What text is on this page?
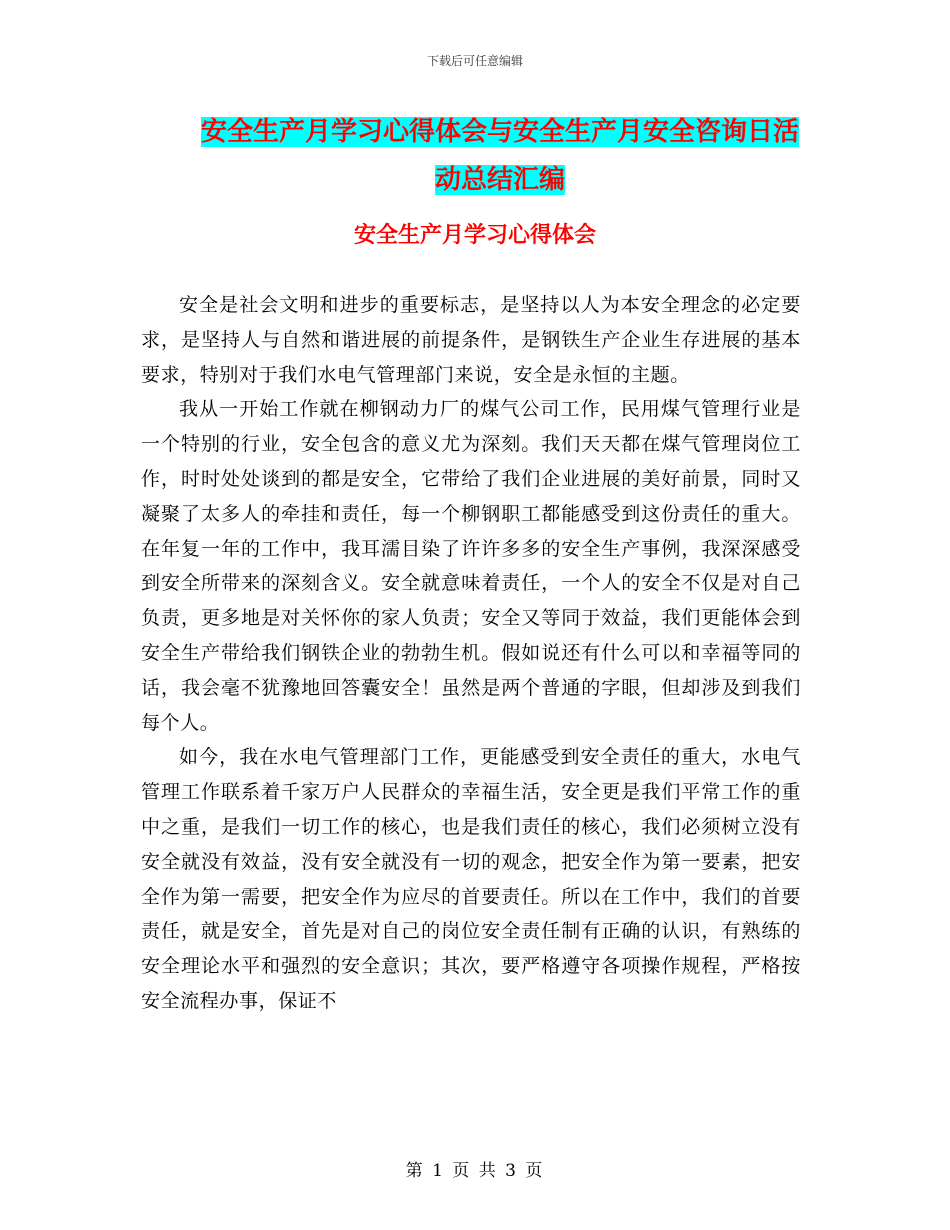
下载后可任意编辑
安全生产月学习心得体会与安全生产月安全咨询日活动总结汇编
安全生产月学习心得体会

安全是社会文明和进步的重要标志，是坚持以人为本安全理念的必定要求，是坚持人与自然和谐进展的前提条件，是钢铁生产企业生存进展的基本要求，特别对于我们水电气管理部门来说，安全是永恒的主题。

我从一开始工作就在柳钢动力厂的煤气公司工作，民用煤气管理行业是一个特别的行业，安全包含的意义尤为深刻。我们天天都在煤气管理岗位工作，时时处处谈到的都是安全，它带给了我们企业进展的美好前景，同时又凝聚了太多人的牵挂和责任，每一个柳钢职工都能感受到这份责任的重大。在年复一年的工作中，我耳濡目染了许许多多的安全生产事例，我深深感受到安全所带来的深刻含义。安全就意味着责任，一个人的安全不仅是对自己负责，更多地是对关怀你的家人负责；安全又等同于效益，我们更能体会到安全生产带给我们钢铁企业的勃勃生机。假如说还有什么可以和幸福等同的话，我会毫不犹豫地回答囊安全！虽然是两个普通的字眼，但却涉及到我们每个人。

如今，我在水电气管理部门工作，更能感受到安全责任的重大，水电气管理工作联系着千家万户人民群众的幸福生活，安全更是我们平常工作的重中之重，是我们一切工作的核心，也是我们责任的核心，我们必须树立没有安全就没有效益，没有安全就没有一切的观念，把安全作为第一要素，把安全作为第一需要，把安全作为应尽的首要责任。所以在工作中，我们的首要责任，就是安全，首先是对自己的岗位安全责任制有正确的认识，有熟练的安全理论水平和强烈的安全意识；其次，要严格遵守各项操作规程，严格按安全流程办事，保证不

第 1 页 共 3 页
